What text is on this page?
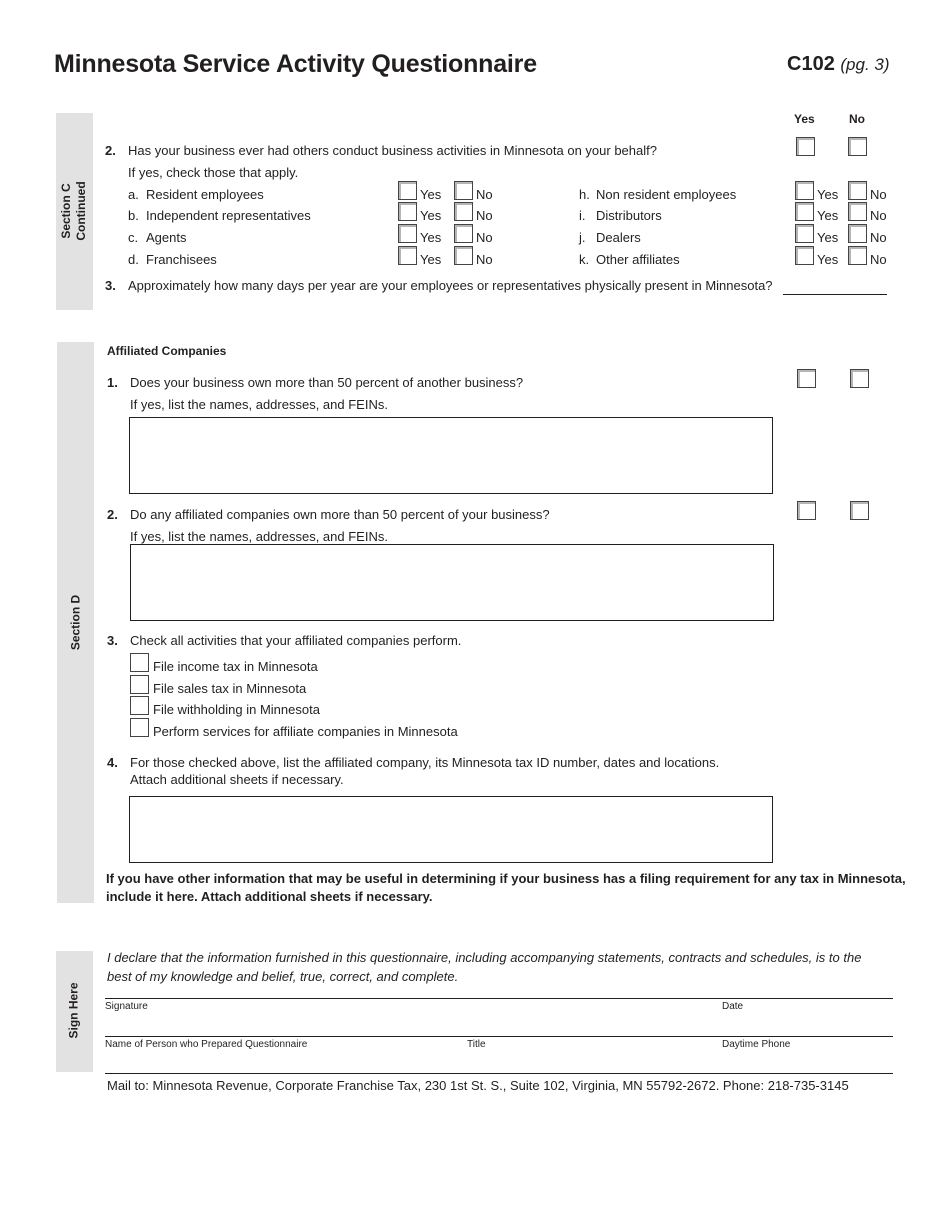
Minnesota Service Activity Questionnaire	C102 (pg. 3)
Section C Continued
Yes	No
2. Has your business ever had others conduct business activities in Minnesota on your behalf?
If yes, check those that apply.
a. Resident employees	Yes	No
b. Independent representatives	Yes	No
c. Agents	Yes	No
d. Franchisees	Yes	No
h. Non resident employees	Yes No
i. Distributors	Yes No
j. Dealers	Yes No
k. Other affiliates	Yes No
3. Approximately how many days per year are your employees or representatives physically present in Minnesota?
Section D
Affiliated Companies
1. Does your business own more than 50 percent of another business?
If yes, list the names, addresses, and FEINs.
2. Do any affiliated companies own more than 50 percent of your business?
If yes, list the names, addresses, and FEINs.
3. Check all activities that your affiliated companies perform.
File income tax in Minnesota
File sales tax in Minnesota
File withholding in Minnesota
Perform services for affiliate companies in Minnesota
4. For those checked above, list the affiliated company, its Minnesota tax ID number, dates and locations.
Attach additional sheets if necessary.
If you have other information that may be useful in determining if your business has a filing requirement for any tax in Minnesota,
include it here. Attach additional sheets if necessary.
Sign Here
I declare that the information furnished in this questionnaire, including accompanying statements, contracts and schedules, is to the
best of my knowledge and belief, true, correct, and complete.
Signature	Date
Name of Person who Prepared Questionnaire	Title	Daytime Phone
Mail to: Minnesota Revenue, Corporate Franchise Tax, 230 1st St. S., Suite 102, Virginia, MN 55792-2672. Phone: 218-735-3145
